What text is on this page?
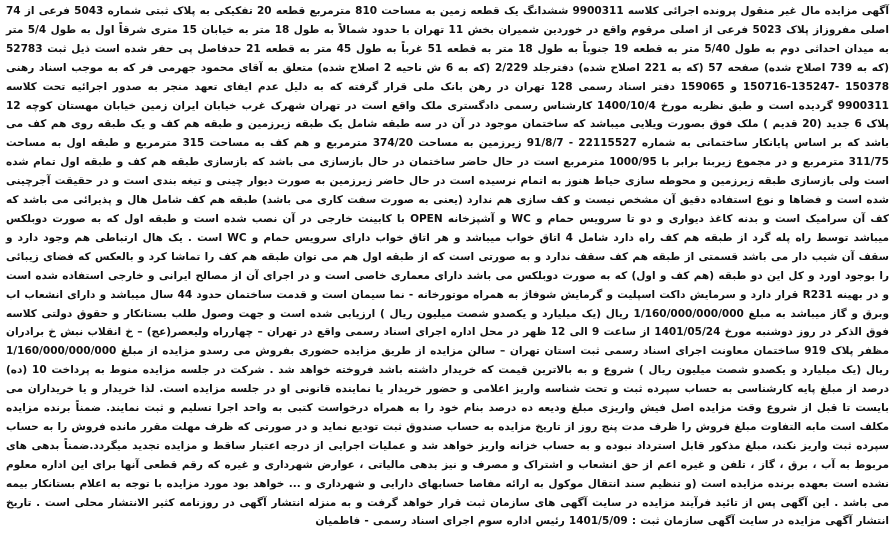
آگهی مزایده مال غیر منقول پرونده اجرائی کلاسه 9900311 ششدانگ یک قطعه زمین به مساحت 810 مترمربع قطعه 20 تفکیکی به پلاک ثبتی شماره 5043 فرعی از 74 اصلی مفروزاز پلاک 5023 فرعی از اصلی مرقوم واقع در خوردین شمیران بخش 11 تهران با حدود شمالاً به طول 18 متر به خیابان 15 متری شرقاً اول به طول 5/4 متر به میدان احداثی دوم به طول 5/40 متر به قطعه 19 جنوباً به طول 18 متر به قطعه 51 غرباً به طول 45 متر به قطعه 21 حدفاصل پی حفر شده است ذیل ثبت 52783 (که به 739 اصلاح شده) صفحه 57 (که به 221 اصلاح شده) دفترجلد 2/229 (که به 6 ش ناحیه 2 اصلاح شده) متعلق به آقای محمود جهرمی فر که به موجب اسناد رهنی 150378 -135247-150716 و 159065 دفتر اسناد رسمی 128 تهران در رهن بانک ملی قرار گرفته که به دلیل عدم ایفای تعهد منجر به صدور اجرائیه تحت کلاسه 9900311 گردیده است و طبق نظریه مورخ 1400/10/4 کارشناس رسمی دادگستری ملک واقع است در تهران شهرک غرب خیابان ایران زمین خیابان مهستان کوچه 12 پلاک 6 جدید (20 قدیم ) ملک فوق بصورت ویلایی میباشد که ساختمان موجود در آن در سه طبقه شامل یک طبقه زیرزمین و طبقه هم کف و یک طبقه روی هم کف می باشد که بر اساس پایانکار ساختمانی به شماره 22115527 - 91/8/7 زیرزمین به مساحت 374/20 مترمربع و هم کف به مساحت 315 مترمربع و طبقه اول به مساحت 311/75 مترمربع و در مجموع زیربنا برابر با 1000/95 مترمربع است در حال حاضر ساختمان در حال بازسازی می باشد که بازسازی طبقه هم کف و طبقه اول تمام شده است ولی بازسازی طبقه زیرزمین و محوطه سازی حیاط هنوز به اتمام نرسیده است در حال حاضر زیرزمین به صورت دیوار چینی و تیغه بندی است و در حقیقت آجرچینی شده است و فضاها و نوع استفاده دقیق آن مشخص نیست و کف سازی هم ندارد (یعنی به صورت سفت کاری می باشد) طبقه هم کف شامل هال و پذیرائی می باشد که کف آن سرامیک است و بدنه کاغذ دیواری و دو تا سرویس حمام و WC و آشپزخانه OPEN با کابینت خارجی در آن نصب شده است و طبقه اول که به صورت دوبلکس میباشد توسط راه پله گرد از طبقه هم کف راه دارد شامل 4 اتاق خواب میباشد و هر اتاق خواب دارای سرویس حمام و WC است . یک هال ارتباطی هم وجود دارد و سقف آن شیب دار می باشد قسمتی از طبقه هم کف سقف ندارد و به صورتی است که از طبقه اول هم می توان طبقه هم کف را تماشا کرد و بالعکس که فضای زیبائی را بوجود اورد و کل این دو طبقه (هم کف و اول) که به صورت دوبلکس می باشد دارای معماری خاصی است و در اجرای آن از مصالح ایرانی و خارجی استفاده شده است و در بهینه R231 قرار دارد و سرمایش داکت اسپلیت و گرمایش شوفاژ به همراه موتورخانه - نما سیمان است و قدمت ساختمان حدود 44 سال میباشد و دارای انشعاب اب وبرق و گاز میباشد به مبلغ 1/160/000/000/000 ریال (یک میلیارد و یکصدو شصت میلیون ریال ) ارزیابی شده است و جهت وصول طلب بستانکار و حقوق دولتی کلاسه فوق الذکر در روز دوشنبه مورخ 1401/05/24 از ساعت 9 الی 12 ظهر در محل اداره اجرای اسناد رسمی واقع در تهران – چهارراه ولیعصر(عج) – خ انقلاب نبش خ برادران مظفر پلاک 919 ساختمان معاونت اجرای اسناد رسمی ثبت استان تهران – سالن مزایده از طریق مزایده حضوری بفروش می رسدو مزایده از مبلغ 1/160/000/000/000 ریال (یک میلیارد و یکصدو شصت میلیون ریال ) شروع و به بالاترین قیمت که خریدار داشته باشد فروخته خواهد شد . شرکت در جلسه مزایده منوط به پرداخت 10 (ده) درصد از مبلغ پایه کارشناسی به حساب سپرده ثبت و تحت شناسه واریز اعلامی و حضور خریدار یا نماینده قانونی او در جلسه مزایده است. لذا خریدار و یا خریداران می بایست تا قبل از شروع وقت مزایده اصل فیش واریزی مبلغ ودیعه ده درصد بنام خود را به همراه درخواست کتبی به واحد اجرا تسلیم و ثبت نمایند. ضمناً برنده مزایده مکلف است مابه التفاوت مبلغ فروش را ظرف مدت پنج روز از تاریخ مزایده به حساب صندوق ثبت تودیع نماید و در صورتی که ظرف مهلت مقرر مانده فروش را به حساب سپرده ثبت واریز نکند، مبلغ مذکور قابل استرداد نبوده و به حساب خزانه واریز خواهد شد و عملیات اجرایی از درجه اعتبار ساقط و مزایده تجدید میگردد.ضمناً بدهی های مربوط به آب ، برق ، گاز ، تلفن و غیره اعم از حق انشعاب و اشتراک و مصرف و نیز بدهی مالیاتی ، عوارض شهرداری و غیره که رقم قطعی آنها برای این اداره معلوم نشده است بعهده برنده مزایده است (و تنظیم سند انتقال موکول به ارائه مفاصا حسابهای دارایی و شهرداری و ... خواهد بود مورد مزایده با توجه به اعلام بستانکار بیمه می باشد . این آگهی پس از تائید فرآیند مزایده در سایت آگهی های سازمان ثبت قرار خواهد گرفت و به منزله انتشار آگهی در روزنامه کثیر الانتشار محلی است . تاریخ انتشار آگهی مزایده در سایت آگهی سازمان ثبت : 1401/5/09 رئیس اداره سوم اجرای اسناد رسمی - فاطمیان
